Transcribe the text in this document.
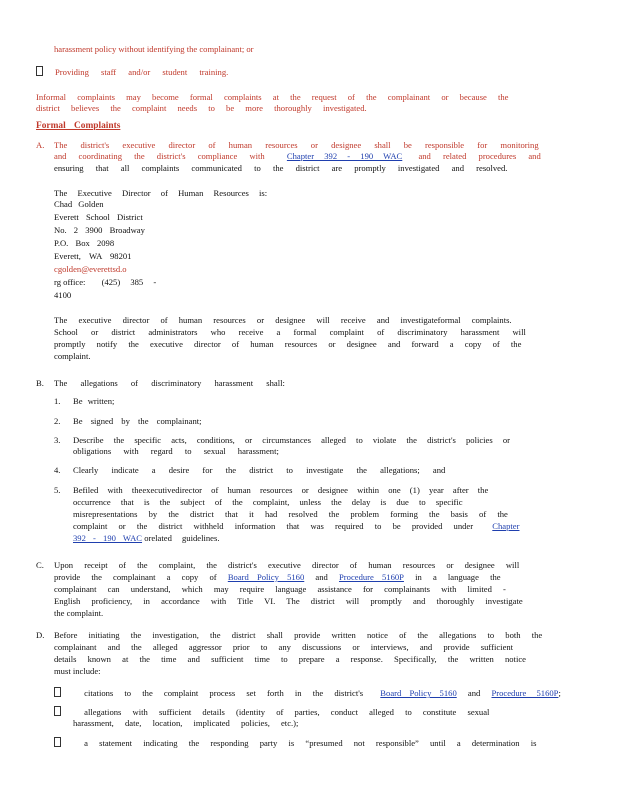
harassment policy without identifying the complainant; or
Providing staff and/or student training.
Informal complaints may become formal complaints at the request of the complainant or because the
district believes the complaint needs to be more thoroughly investigated.
Formal Complaints
A. The district's executive director of human resources or designee shall be responsible for monitoring
and coordinating the district's compliance with	Chapter 392 - 190 WAC and related procedures and
ensuring that all complaints communicated to the district are promptly investigated and resolved.
The Executive Director of Human Resources is:
Chad Golden
Everett School District
No. 2 3900 Broadway
P.O. Box 2098
Everett, WA 98201
cgolden@everettsd.o
rg office: (425) 385 -
4100
The executive director of human resources or designee will receive and investigateformal complaints.
School or district administrators who receive a formal complaint of discriminatory harassment will
promptly notify the executive director of human resources or designee and forward a copy of the
complaint.
B. The allegations of discriminatory harassment shall:
1. Be written;
2. Be signed by the complainant;
3. Describe the specific acts, conditions, or circumstances alleged to violate the district's policies or
obligations with regard to sexual harassment;
4. Clearly indicate a desire for the district to investigate the allegations; and
5. Befiled with theexecutivedirector of human resources or designee within one (1) year after the
occurrence that is the subject of the complaint, unless the delay is due to specific
misrepresentations by the district that it had resolved the problem forming the basis of the
complaint or the district withheld information that was required to be provided under Chapter
392 - 190 WAC orelated guidelines.
C. Upon receipt of the complaint, the district's executive director of human resources or designee will
provide the complainant a copy of Board Policy 5160 and Procedure 5160P in a language the
complainant can understand, which may require language assistance for complainants with limited -
English proficiency, in accordance with Title VI. The district will promptly and thoroughly investigate
the complaint.
D. Before initiating the investigation, the district shall provide written notice of the allegations to both the
complainant and the alleged aggressor prior to any discussions or interviews, and provide sufficient
details known at the time and sufficient time to prepare a response. Specifically, the written notice
must include:
citations to the complaint process set forth in the district's Board Policy 5160 and Procedure 5160P;
allegations with sufficient details (identity of parties, conduct alleged to constitute sexual
harassment, date, location, implicated policies, etc.);
a statement indicating the responding party is “presumed not responsible” until a determination is
